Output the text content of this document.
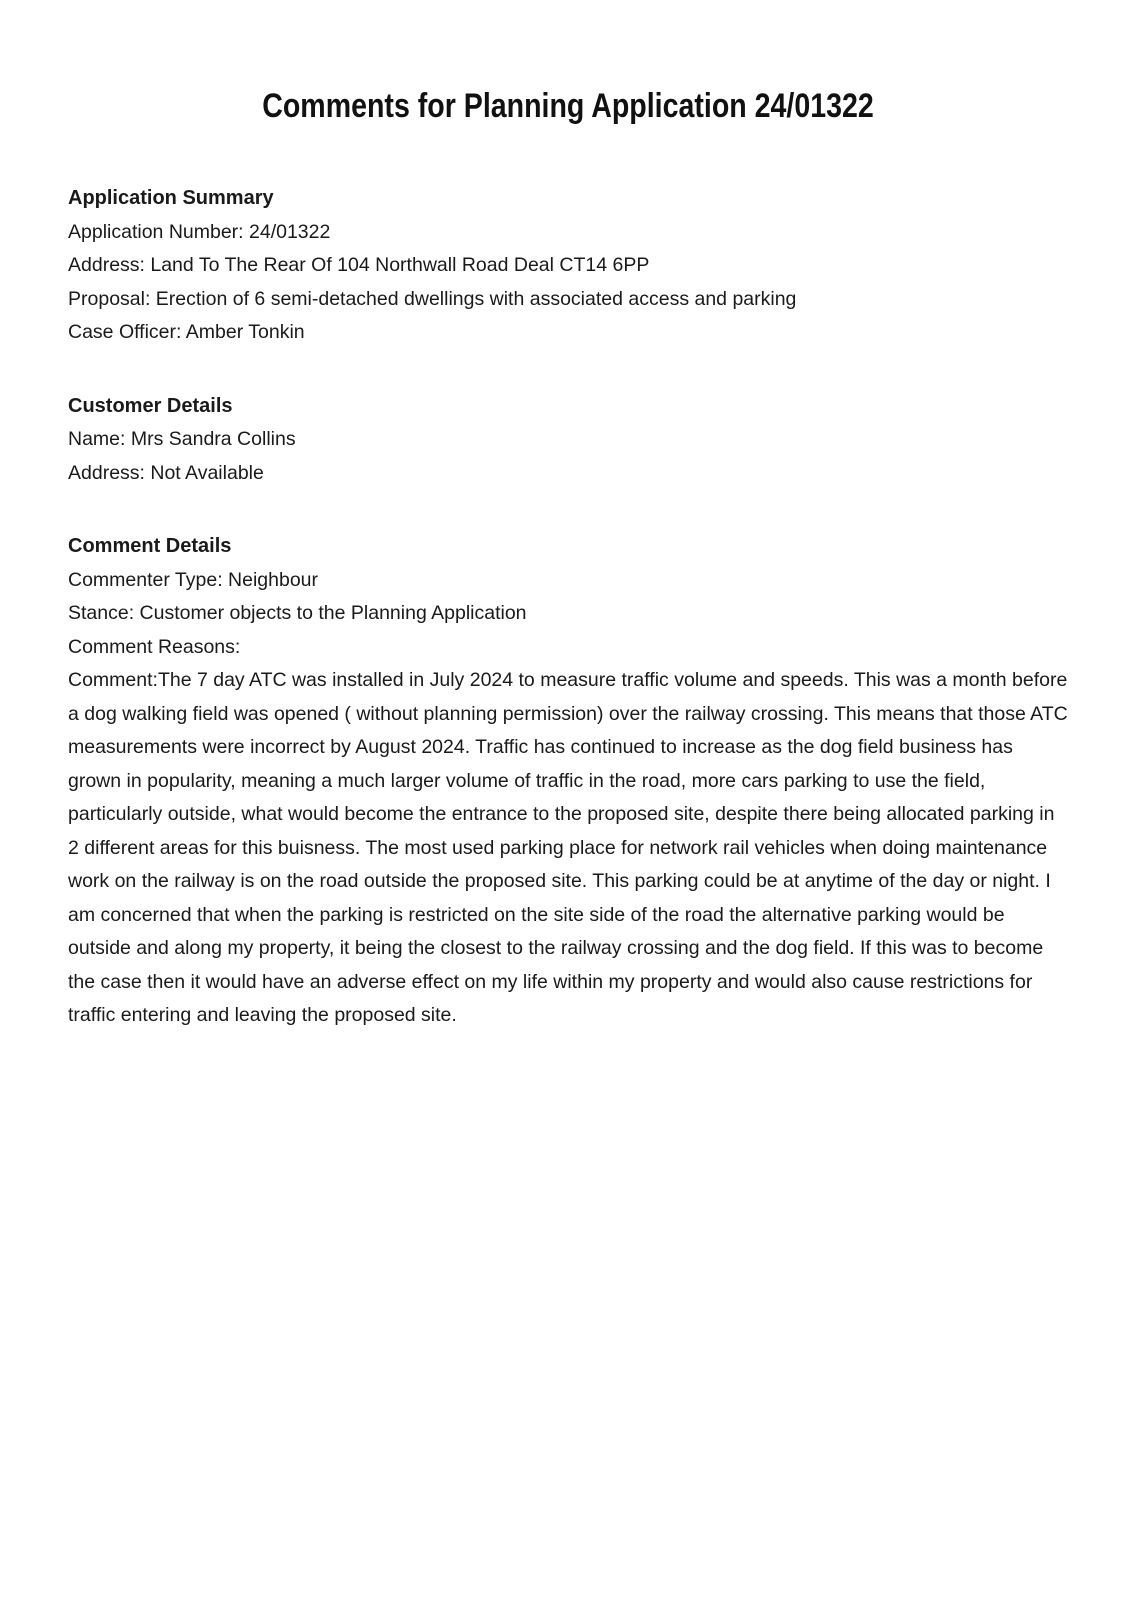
Comments for Planning Application 24/01322
Application Summary

Application Number: 24/01322

Address: Land To The Rear Of 104 Northwall Road Deal CT14 6PP

Proposal: Erection of 6 semi-detached dwellings with associated access and parking

Case Officer: Amber Tonkin

Customer Details

Name: Mrs Sandra Collins

Address: Not Available

Comment Details

Commenter Type: Neighbour

Stance: Customer objects to the Planning Application

Comment Reasons:

Comment:The 7 day ATC was installed in July 2024 to measure traffic volume and speeds. This was a month before a dog walking field was opened ( without planning permission) over the railway crossing. This means that those ATC measurements were incorrect by August 2024. Traffic has continued to increase as the dog field business has grown in popularity, meaning a much larger volume of traffic in the road, more cars parking to use the field, particularly outside, what would become the entrance to the proposed site, despite there being allocated parking in 2 different areas for this buisness. The most used parking place for network rail vehicles when doing maintenance work on the railway is on the road outside the proposed site. This parking could be at anytime of the day or night. I am concerned that when the parking is restricted on the site side of the road the alternative parking would be outside and along my property, it being the closest to the railway crossing and the dog field. If this was to become the case then it would have an adverse effect on my life within my property and would also cause restrictions for traffic entering and leaving the proposed site.
